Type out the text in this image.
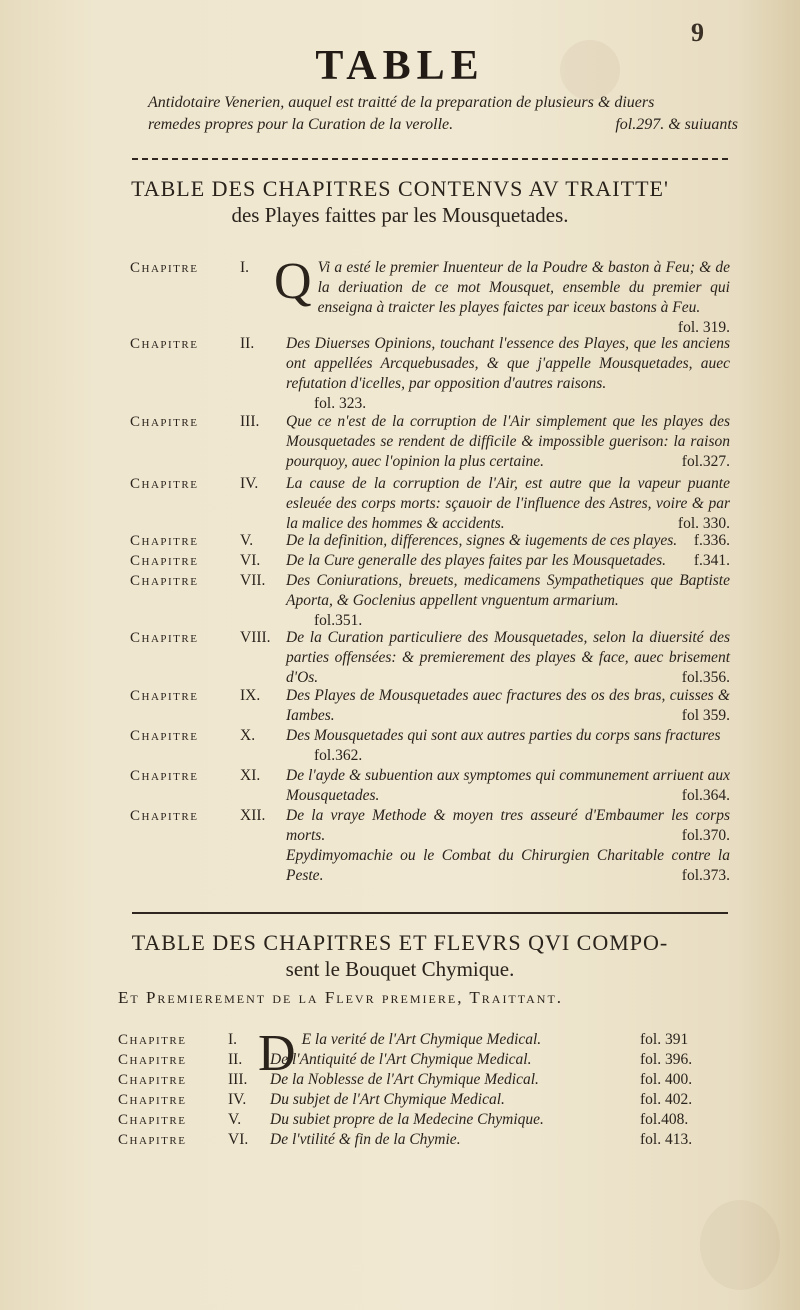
9
TABLE
Antidotaire Venerien, auquel est traitté de la preparation de plusieurs & diuers
remedes propres pour la Curation de la verolle.	fol.297. & suiuants
TABLE DES CHAPITRES CONTENVS AV TRAITTE'
des Playes faittes par les Mousquetades.
Chapitre	I. Q Vi a esté le premier Inuenteur de la Poudre & baston à Feu; & de la deriuation de ce mot Mousquet, ensemble du premier qui enseigna à traicter les playes faictes par iceux bastons à Feu.
fol. 319.
Chapitre	II. Des Diuerses Opinions, touchant l'essence des Playes, que les anciens ont appellées Arcquebusades, & que j'appelle Mousquetades, auec refutation d'icelles, par opposition d'autres raisons.
fol. 323.
Chapitre	III. Que ce n'est de la corruption de l'Air simplement que les playes des Mousquetades se rendent de difficile & impossible guerison: la raison pourquoy, auec l'opinion la plus certaine.	fol.327.
Chapitre	IV. La cause de la corruption de l'Air, est autre que la vapeur puante esleuée des corps morts: sçauoir de l'influence des Astres, voire & par la malice des hommes & accidents.	fol. 330.
Chapitre	V. De la definition, differences, signes & iugements de ces playes. f.336.
Chapitre	VI. De la Cure generalle des playes faites par les Mousquetades. f.341.
Chapitre	VII. Des Coniurations, breuets, medicamens Sympathetiques que Baptiste Aporta, & Goclenius appellent vnguentum armarium.
fol.351.
Chapitre	VIII. De la Curation particuliere des Mousquetades, selon la diuersité des parties offensées: & premierement des playes & face, auec brisement d'Os.	fol.356.
Chapitre	IX. Des Playes de Mousquetades auec fractures des os des bras, cuisses & Iambes.	fol 359.
Chapitre	X. Des Mousquetades qui sont aux autres parties du corps sans fractures
fol.362.
Chapitre	XI. De l'ayde & subuention aux symptomes qui communement arriuent aux Mousquetades.	fol.364.
Chapitre	XII. De la vraye Methode & moyen tres asseuré d'Embaumer les corps morts.	fol.370.
Epydimyomachie ou le Combat du Chirurgien Charitable contre la Peste.	fol.373.
TABLE DES CHAPITRES ET FLEVRS QVI COMPO-
sent le Bouquet Chymique.
Et Premierement de la Flevr premiere, Traittant.
Chapitre	I. D E la verité de l'Art Chymique Medical.	fol. 391
Chapitre	II. De l'Antiquité de l'Art Chymique Medical.	fol. 396.
Chapitre	III. De la Noblesse de l'Art Chymique Medical.	fol. 400.
Chapitre	IV. Du subjet de l'Art Chymique Medical.	fol. 402.
Chapitre	V. Du subiet propre de la Medecine Chymique.	fol.408.
Chapitre	VI. De l'vtilité & fin de la Chymie.	fol. 413.
